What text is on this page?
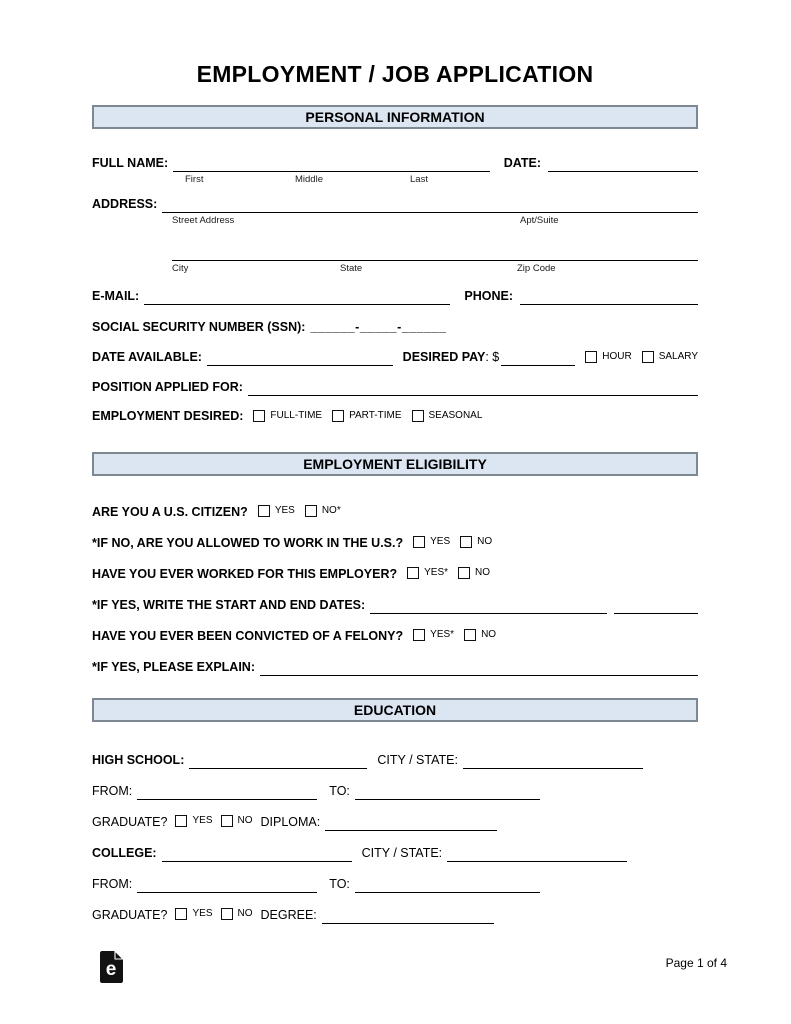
EMPLOYMENT / JOB APPLICATION
PERSONAL INFORMATION
FULL NAME:	DATE:
First	Middle	Last
ADDRESS:
Street Address	Apt/Suite
City	State	Zip Code
E-MAIL:	PHONE:
SOCIAL SECURITY NUMBER (SSN): ______-_____-______
DATE AVAILABLE:	DESIRED PAY : $	HOUR	SALARY
POSITION APPLIED FOR:
EMPLOYMENT DESIRED:	FULL-TIME	PART-TIME	SEASONAL
EMPLOYMENT ELIGIBILITY
ARE YOU A U.S. CITIZEN?	YES	NO*
*IF NO, ARE YOU ALLOWED TO WORK IN THE U.S.?	YES	NO
HAVE YOU EVER WORKED FOR THIS EMPLOYER?	YES*	NO
*IF YES, WRITE THE START AND END DATES:
HAVE YOU EVER BEEN CONVICTED OF A FELONY?	YES*	NO
*IF YES, PLEASE EXPLAIN:
EDUCATION
HIGH SCHOOL:	CITY / STATE:
FROM:	TO:
GRADUATE?	YES	NO DIPLOMA:
COLLEGE:	CITY / STATE:
FROM:	TO:
GRADUATE?	YES	NO DEGREE:
e	Page 1 of 4
